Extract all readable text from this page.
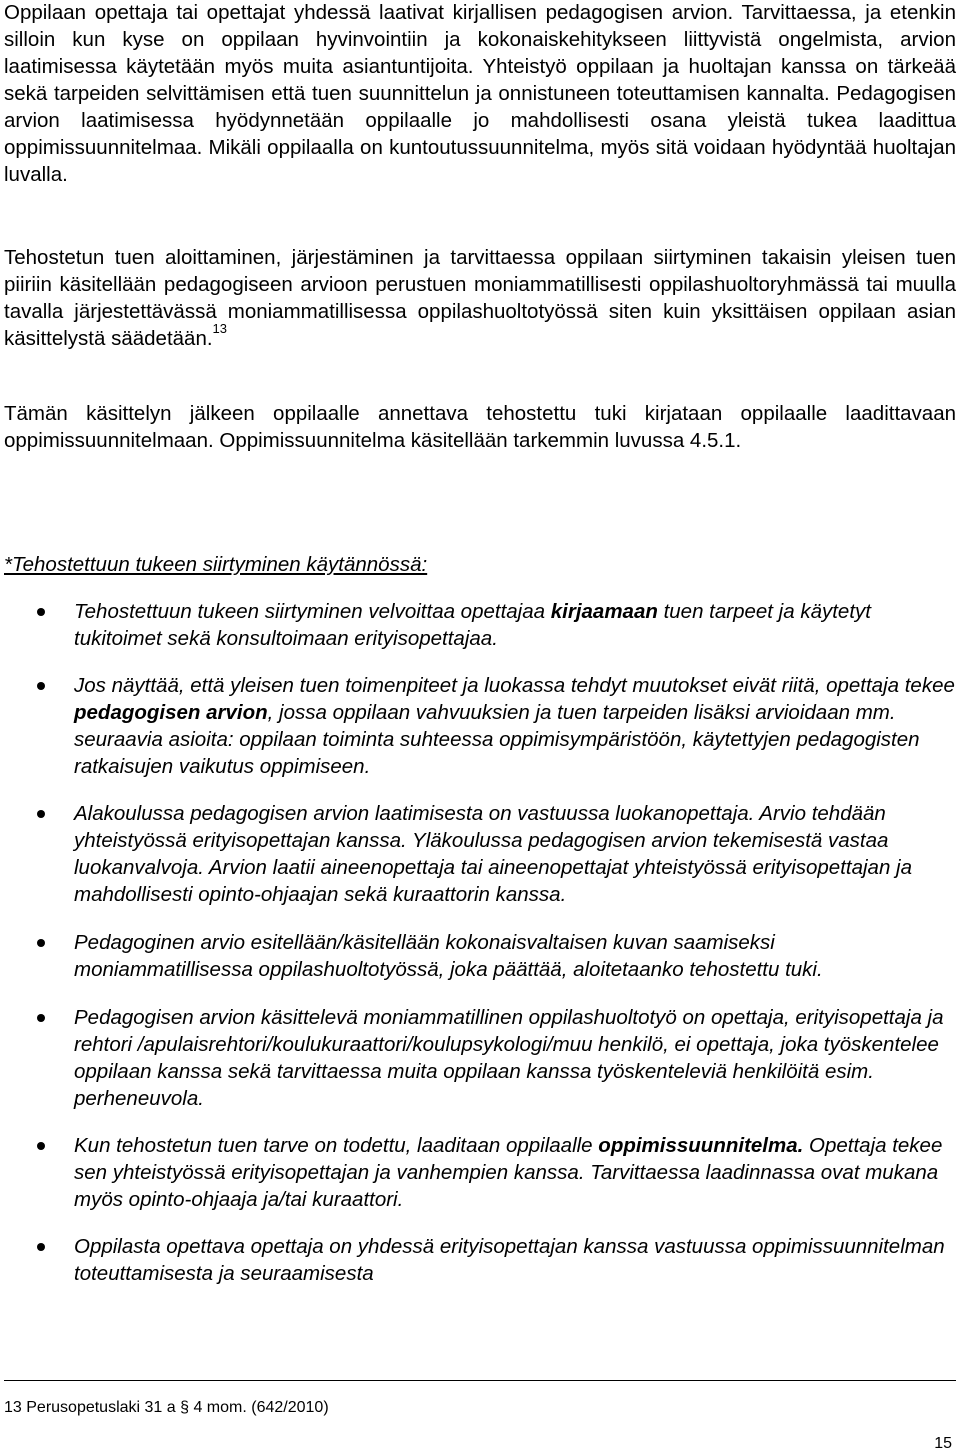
Oppilaan opettaja tai opettajat yhdessä laativat kirjallisen pedagogisen arvion. Tarvittaessa, ja etenkin silloin kun kyse on oppilaan hyvinvointiin ja kokonaiskehitykseen liittyvistä ongelmista, arvion laatimisessa käytetään myös muita asiantuntijoita. Yhteistyö oppilaan ja huoltajan kanssa on tärkeää sekä tarpeiden selvittämisen että tuen suunnittelun ja onnistuneen toteuttamisen kannalta. Pedagogisen arvion laatimisessa hyödynnetään oppilaalle jo mahdollisesti osana yleistä tukea laadittua oppimissuunnitelmaa. Mikäli oppilaalla on kuntoutussuunnitelma, myös sitä voidaan hyödyntää huoltajan luvalla.

Tehostetun tuen aloittaminen, järjestäminen ja tarvittaessa oppilaan siirtyminen takaisin yleisen tuen piiriin käsitellään pedagogiseen arvioon perustuen moniammatillisesti oppilashuoltoryhmässä tai muulla tavalla järjestettävässä moniammatillisessa oppilashuoltotyössä siten kuin yksittäisen oppilaan asian käsittelystä säädetään.$^{13}$

Tämän käsittelyn jälkeen oppilaalle annettava tehostettu tuki kirjataan oppilaalle laadittavaan oppimissuunnitelmaan. Oppimissuunnitelma käsitellään tarkemmin luvussa 4.5.1.

*Tehostettuun tukeen siirtyminen käytännössä:

Tehostettuun tukeen siirtyminen velvoittaa opettajaa kirjaamaan tuen tarpeet ja käytetyt tukitoimet sekä konsultoimaan erityisopettajaa.
Jos näyttää, että yleisen tuen toimenpiteet ja luokassa tehdyt muutokset eivät riitä, opettaja tekee pedagogisen arvion, jossa oppilaan vahvuuksien ja tuen tarpeiden lisäksi arvioidaan mm. seuraavia asioita: oppilaan toiminta suhteessa oppimisympäristöön, käytettyjen pedagogisten ratkaisujen vaikutus oppimiseen.
Alakoulussa pedagogisen arvion laatimisesta on vastuussa luokanopettaja. Arvio tehdään yhteistyössä erityisopettajan kanssa. Yläkoulussa pedagogisen arvion tekemisestä vastaa luokanvalvoja. Arvion laatii aineenopettaja tai aineenopettajat yhteistyössä erityisopettajan ja mahdollisesti opinto-ohjaajan sekä kuraattorin kanssa.
Pedagoginen arvio esitellään/käsitellään kokonaisvaltaisen kuvan saamiseksi moniammatillisessa oppilashuoltotyössä, joka päättää, aloitetaanko tehostettu tuki.
Pedagogisen arvion käsittelevä moniammatillinen oppilashuoltotyö on opettaja, erityisopettaja ja rehtori /apulaisrehtori/koulukuraattori/koulupsykologi/muu henkilö, ei opettaja, joka työskentelee oppilaan kanssa sekä tarvittaessa muita oppilaan kanssa työskenteleviä henkilöitä esim. perheneuvola.
Kun tehostetun tuen tarve on todettu, laaditaan oppilaalle oppimissuunnitelma. Opettaja tekee sen yhteistyössä erityisopettajan ja vanhempien kanssa. Tarvittaessa laadinnassa ovat mukana myös opinto-ohjaaja ja/tai kuraattori.
Oppilasta opettava opettaja on yhdessä erityisopettajan kanssa vastuussa oppimissuunnitelman toteuttamisesta ja seuraamisesta

13 Perusopetuslaki 31 a § 4 mom. (642/2010)

15
